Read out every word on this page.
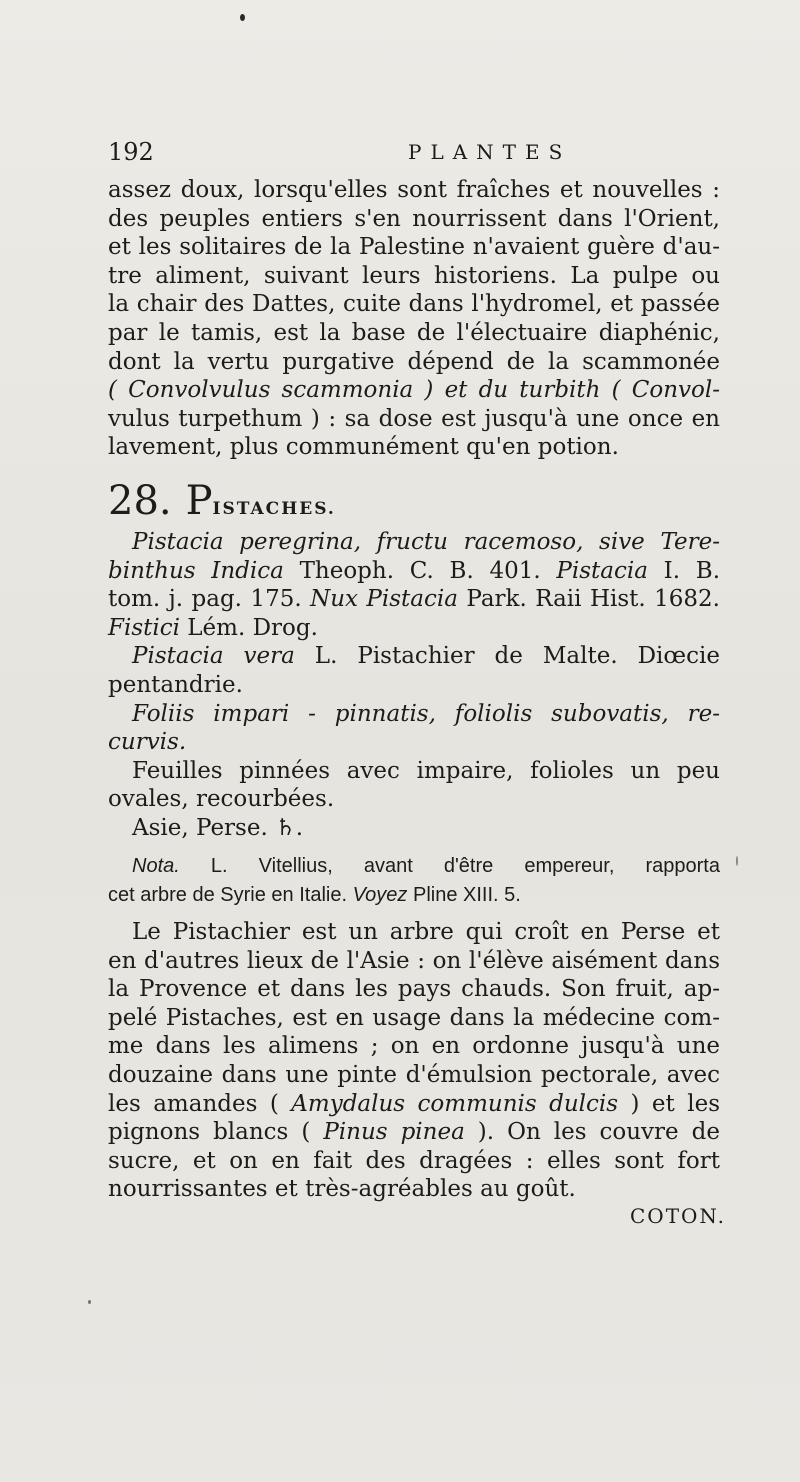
192	PLANTES

assez doux, lorsqu'elles sont fraîches et nouvelles :
des peuples entiers s'en nourrissent dans l'Orient,
et les solitaires de la Palestine n'avaient guère d'au-
tre aliment, suivant leurs historiens. La pulpe ou
la chair des Dattes, cuite dans l'hydromel, et passée
par le tamis, est la base de l'électuaire diaphénic,
dont la vertu purgative dépend de la scammonée
( Convolvulus scammonia ) et du turbith ( Convol-
vulus turpethum ) : sa dose est jusqu'à une once en
lavement, plus communément qu'en potion.

28. PISTACHES.

Pistacia peregrina, fructu racemoso, sive Tere-
binthus Indica Theoph. C. B. 401. Pistacia I. B.
tom. j. pag. 175. Nux Pistacia Park. Raii Hist. 1682.
Fistici Lém. Drog.
Pistacia vera L. Pistachier de Malte. Diœcie
pentandrie.
Foliis impari - pinnatis, foliolis subovatis, re-
curvis.
Feuilles pinnées avec impaire, folioles un peu
ovales, recourbées.
Asie, Perse. ♄.

Nota. L. Vitellius, avant d'être empereur, rapporta
cet arbre de Syrie en Italie. Voyez Pline XIII. 5.

Le Pistachier est un arbre qui croît en Perse et
en d'autres lieux de l'Asie : on l'élève aisément dans
la Provence et dans les pays chauds. Son fruit, ap-
pelé Pistaches, est en usage dans la médecine com-
me dans les alimens ; on en ordonne jusqu'à une
douzaine dans une pinte d'émulsion pectorale, avec
les amandes ( Amydalus communis dulcis ) et les
pignons blancs ( Pinus pinea ). On les couvre de
sucre, et on en fait des dragées : elles sont fort
nourrissantes et très-agréables au goût.

COTON.
